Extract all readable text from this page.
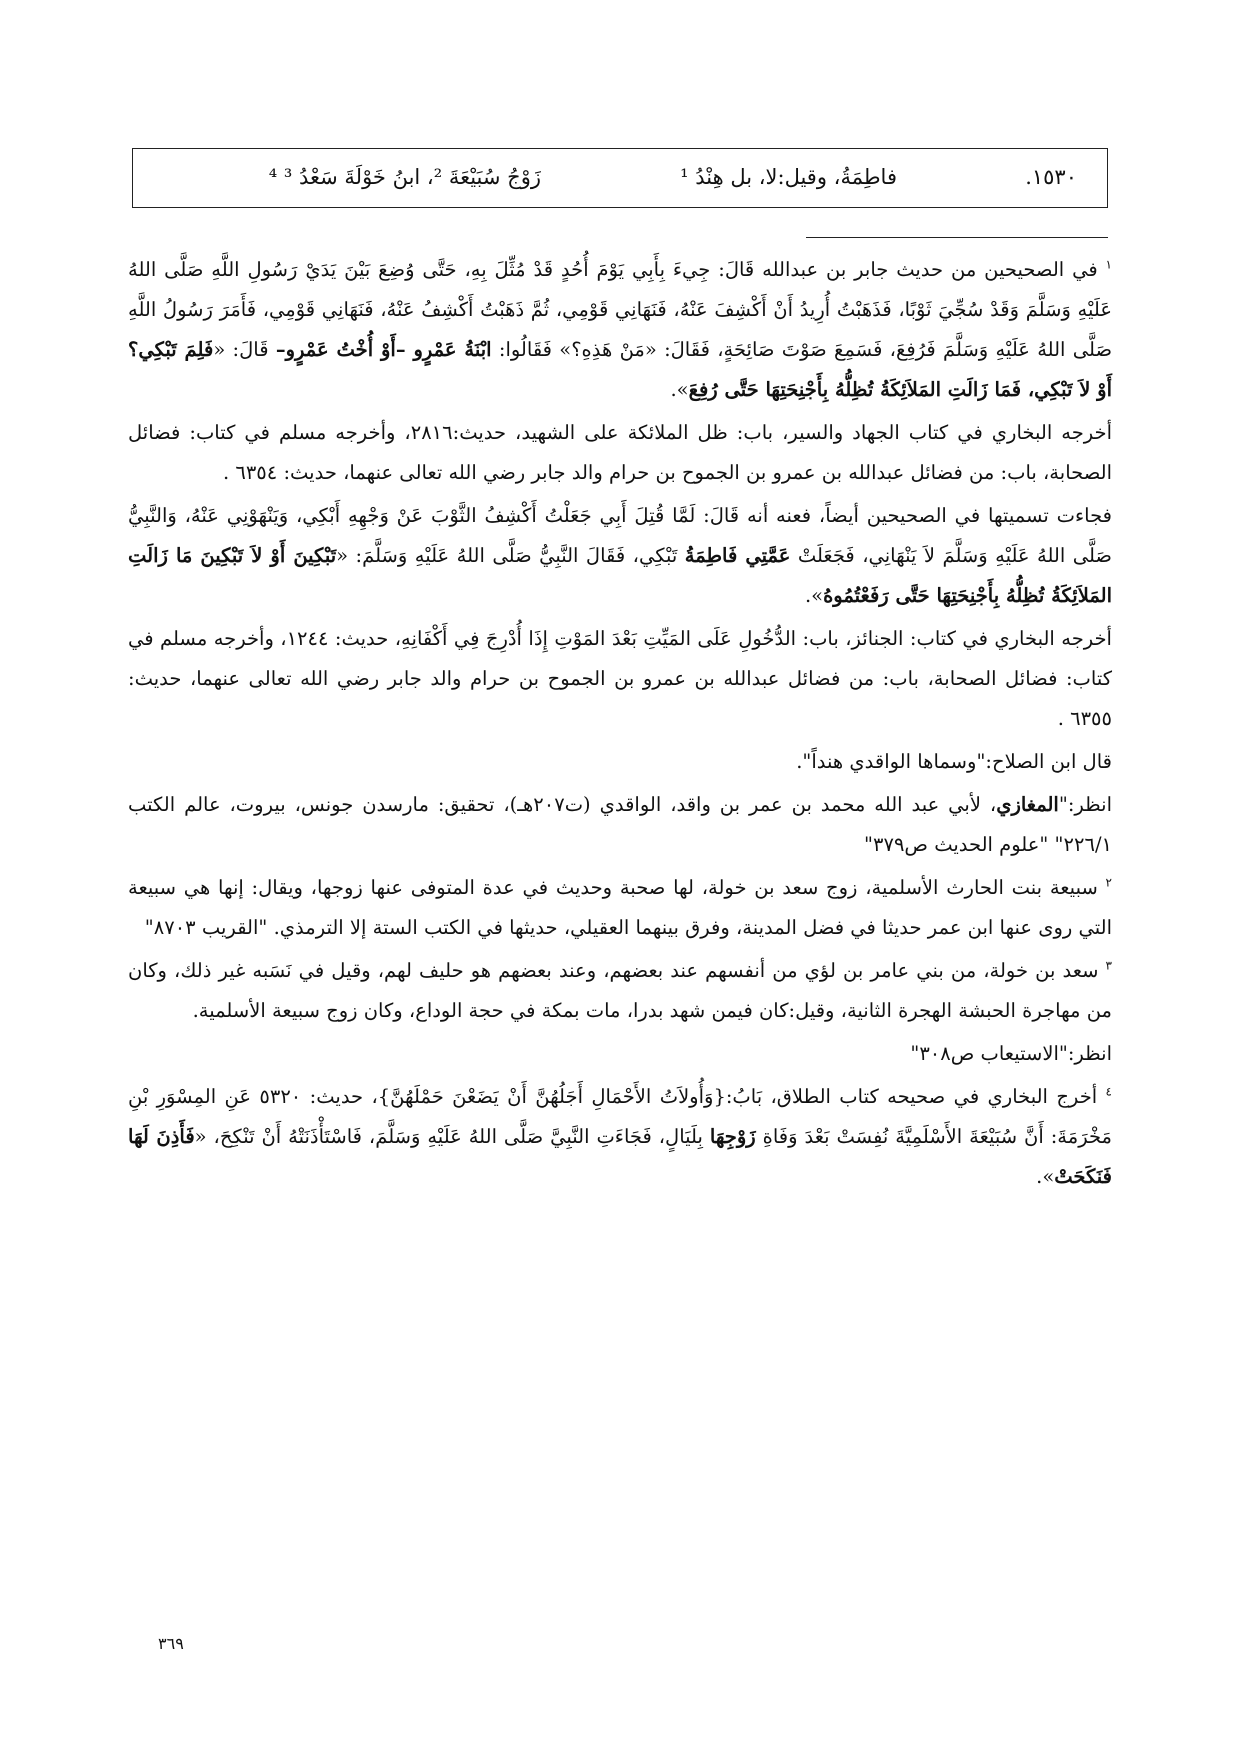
١٥٣٠.
فاطِمَةُ، وقيل:لا، بل هِنْدُ ¹
زَوْجُ سُبَيْعَةَ ²، ابنُ خَوْلَةَ سَعْدُ ³ ⁴

$^١$ في الصحيحين من حديث جابر بن عبدالله قَالَ: جِيءَ بِأَبِي يَوْمَ أُحُدٍ قَدْ مُثِّلَ بِهِ، حَتَّى وُضِعَ بَيْنَ يَدَيْ رَسُولِ اللَّهِ صَلَّى اللهُ عَلَيْهِ وَسَلَّمَ وَقَدْ سُجِّيَ ثَوْبًا، فَذَهَبْتُ أُرِيدُ أَنْ أَكْشِفَ عَنْهُ، فَنَهَانِي قَوْمِي، ثُمَّ ذَهَبْتُ أَكْشِفُ عَنْهُ، فَنَهَانِي قَوْمِي، فَأَمَرَ رَسُولُ اللَّهِ صَلَّى اللهُ عَلَيْهِ وَسَلَّمَ فَرُفِعَ، فَسَمِعَ صَوْتَ صَائِحَةٍ، فَقَالَ: «مَنْ هَذِهِ؟» فَقَالُوا: ابْنَةُ عَمْرٍو –أَوْ أُخْتُ عَمْرٍو– قَالَ: «فَلِمَ تَبْكِي؟ أَوْ لاَ تَبْكِي، فَمَا زَالَتِ المَلاَئِكَةُ تُظِلُّهُ بِأَجْنِحَتِهَا حَتَّى رُفِعَ».

أخرجه البخاري في كتاب الجهاد والسير، باب: ظل الملائكة على الشهيد، حديث:٢٨١٦، وأخرجه مسلم في كتاب: فضائل الصحابة، باب: من فضائل عبدالله بن عمرو بن الجموح بن حرام والد جابر رضي الله تعالى عنهما، حديث: ٦٣٥٤ .

فجاءت تسميتها في الصحيحين أيضاً، فعنه أنه قَالَ: لَمَّا قُتِلَ أَبِي جَعَلْتُ أَكْشِفُ الثَّوْبَ عَنْ وَجْهِهِ أَبْكِي، وَيَنْهَوْنِي عَنْهُ، وَالنَّبِيُّ صَلَّى اللهُ عَلَيْهِ وَسَلَّمَ لاَ يَنْهَانِي، فَجَعَلَتْ عَمَّتِي فَاطِمَةُ تَبْكِي، فَقَالَ النَّبِيُّ صَلَّى اللهُ عَلَيْهِ وَسَلَّمَ: «تَبْكِينَ أَوْ لاَ تَبْكِينَ مَا زَالَتِ المَلاَئِكَةُ تُظِلُّهُ بِأَجْنِحَتِهَا حَتَّى رَفَعْتُمُوهُ».

أخرجه البخاري في كتاب: الجنائز، باب: الدُّخُولِ عَلَى المَيِّتِ بَعْدَ المَوْتِ إِذَا أُدْرِجَ فِي أَكْفَانِهِ، حديث: ١٢٤٤، وأخرجه مسلم في كتاب: فضائل الصحابة، باب: من فضائل عبدالله بن عمرو بن الجموح بن حرام والد جابر رضي الله تعالى عنهما، حديث: ٦٣٥٥ .

قال ابن الصلاح:"وسماها الواقدي هنداً".

انظر:"المغازي، لأبي عبد الله محمد بن عمر بن واقد، الواقدي (ت٢٠٧هـ)، تحقيق: مارسدن جونس، بيروت، عالم الكتب ٢٢٦/١" "علوم الحديث ص٣٧٩"

$^٢$ سبيعة بنت الحارث الأسلمية، زوج سعد بن خولة، لها صحبة وحديث في عدة المتوفى عنها زوجها، ويقال: إنها هي سبيعة التي روى عنها ابن عمر حديثا في فضل المدينة، وفرق بينهما العقيلي، حديثها في الكتب الستة إلا الترمذي. "القريب ٨٧٠٣"

$^٣$ سعد بن خولة، من بني عامر بن لؤي من أنفسهم عند بعضهم، وعند بعضهم هو حليف لهم، وقيل في نَسَبه غير ذلك، وكان من مهاجرة الحبشة الهجرة الثانية، وقيل:كان فيمن شهد بدرا، مات بمكة في حجة الوداع، وكان زوج سبيعة الأسلمية.

انظر:"الاستيعاب ص٣٠٨"

$^٤$ أخرج البخاري في صحيحه كتاب الطلاق، بَابُ:{وَأُولاَتُ الأَحْمَالِ أَجَلُهُنَّ أَنْ يَضَعْنَ حَمْلَهُنَّ}، حديث: ٥٣٢٠ عَنِ المِسْوَرِ بْنِ مَخْرَمَةَ: أَنَّ سُبَيْعَةَ الأَسْلَمِيَّةَ نُفِسَتْ بَعْدَ وَفَاةِ زَوْجِهَا بِلَيَالٍ، فَجَاءَتِ النَّبِيَّ صَلَّى اللهُ عَلَيْهِ وَسَلَّمَ، فَاسْتَأْذَنَتْهُ أَنْ تَنْكِحَ، «فَأَذِنَ لَهَا فَنَكَحَتْ».

٣٦٩
